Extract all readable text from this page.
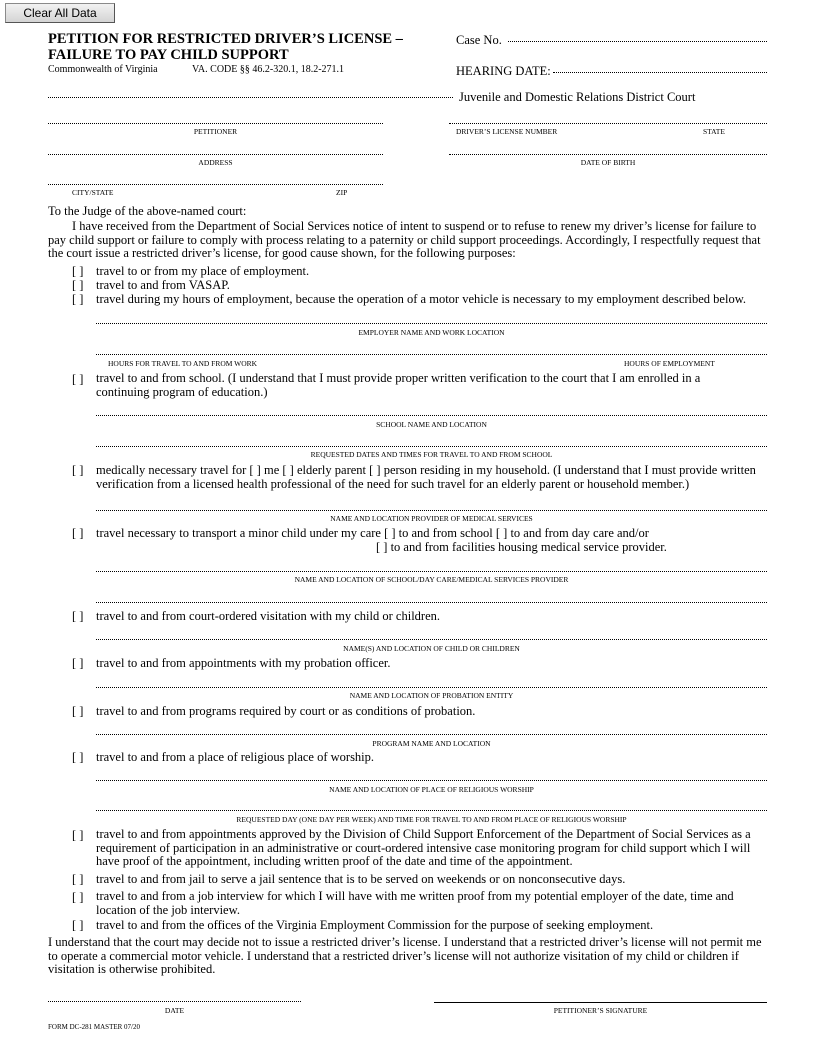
Clear All Data
PETITION FOR RESTRICTED DRIVER’S LICENSE –
FAILURE TO PAY CHILD SUPPORT
Commonwealth of Virginia	VA. CODE §§ 46.2-320.1, 18.2-271.1
Case No.
HEARING DATE:
Juvenile and Domestic Relations District Court
PETITIONER	DRIVER’S LICENSE NUMBER	STATE
ADDRESS	DATE OF BIRTH
CITY/STATE	ZIP
To the Judge of the above-named court:
I have received from the Department of Social Services notice of intent to suspend or to refuse to renew my driver’s license for failure to pay child support or failure to comply with process relating to a paternity or child support proceedings. Accordingly, I respectfully request that the court issue a restricted driver’s license, for good cause shown, for the following purposes:
[ ] travel to or from my place of employment.
[ ] travel to and from VASAP.
[ ] travel during my hours of employment, because the operation of a motor vehicle is necessary to my employment described below.
EMPLOYER NAME AND WORK LOCATION
HOURS FOR TRAVEL TO AND FROM WORK	HOURS OF EMPLOYMENT
[ ] travel to and from school. (I understand that I must provide proper written verification to the court that I am enrolled in a continuing program of education.)
SCHOOL NAME AND LOCATION
REQUESTED DATES AND TIMES FOR TRAVEL TO AND FROM SCHOOL
[ ] medically necessary travel for [ ] me [ ] elderly parent [ ] person residing in my household. (I understand that I must provide written
verification from a licensed health professional of the need for such travel for an elderly parent or household member.)
NAME AND LOCATION PROVIDER OF MEDICAL SERVICES
[ ] travel necessary to transport a minor child under my care [ ] to and from school [ ] to and from day care and/or
[ ] to and from facilities housing medical service provider.
NAME AND LOCATION OF SCHOOL/DAY CARE/MEDICAL SERVICES PROVIDER
[ ] travel to and from court-ordered visitation with my child or children.
NAME(S) AND LOCATION OF CHILD OR CHILDREN
[ ] travel to and from appointments with my probation officer.
NAME AND LOCATION OF PROBATION ENTITY
[ ] travel to and from programs required by court or as conditions of probation.
PROGRAM NAME AND LOCATION
[ ] travel to and from a place of religious place of worship.
NAME AND LOCATION OF PLACE OF RELIGIOUS WORSHIP
REQUESTED DAY (ONE DAY PER WEEK) AND TIME FOR TRAVEL TO AND FROM PLACE OF RELIGIOUS WORSHIP
[ ] travel to and from appointments approved by the Division of Child Support Enforcement of the Department of Social Services as a requirement of participation in an administrative or court-ordered intensive case monitoring program for child support which I will have proof of the appointment, including written proof of the date and time of the appointment.
[ ] travel to and from jail to serve a jail sentence that is to be served on weekends or on nonconsecutive days.
[ ] travel to and from a job interview for which I will have with me written proof from my potential employer of the date, time and location of the job interview.
[ ] travel to and from the offices of the Virginia Employment Commission for the purpose of seeking employment.
I understand that the court may decide not to issue a restricted driver’s license. I understand that a restricted driver’s license will not permit me to operate a commercial motor vehicle. I understand that a restricted driver’s license will not authorize visitation of my child or children if visitation is otherwise prohibited.
DATE	PETITIONER’S SIGNATURE
FORM DC-281 MASTER 07/20
